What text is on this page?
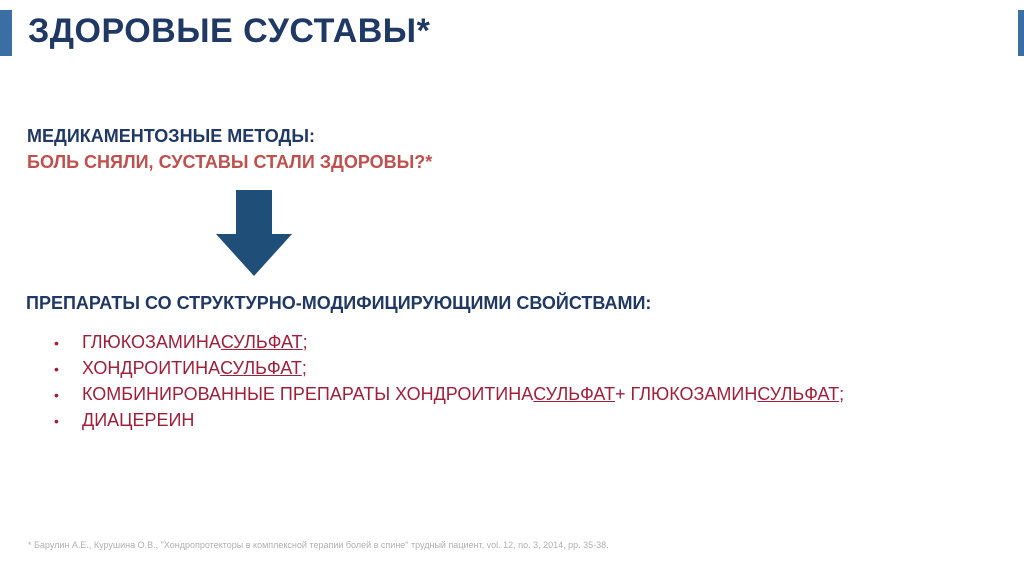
ЗДОРОВЫЕ СУСТАВЫ*
МЕДИКАМЕНТОЗНЫЕ МЕТОДЫ:
БОЛЬ СНЯЛИ, СУСТАВЫ СТАЛИ ЗДОРОВЫ?*
ПРЕПАРАТЫ СО СТРУКТУРНО-МОДИФИЦИРУЮЩИМИ СВОЙСТВАМИ:
•	ГЛЮКОЗАМИНА СУЛЬФАТ ;
•	ХОНДРОИТИНА СУЛЬФАТ ;
•	КОМБИНИРОВАННЫЕ ПРЕПАРАТЫ ХОНДРОИТИНА СУЛЬФАТ + ГЛЮКОЗАМИН СУЛЬФАТ ;
•	ДИАЦЕРЕИН
* Барулин А.Е., Курушина О.В., "Хондропротекторы в комплексной терапии болей в спине" трудный пациент, vol. 12, no. 3, 2014, pp. 35-38.
